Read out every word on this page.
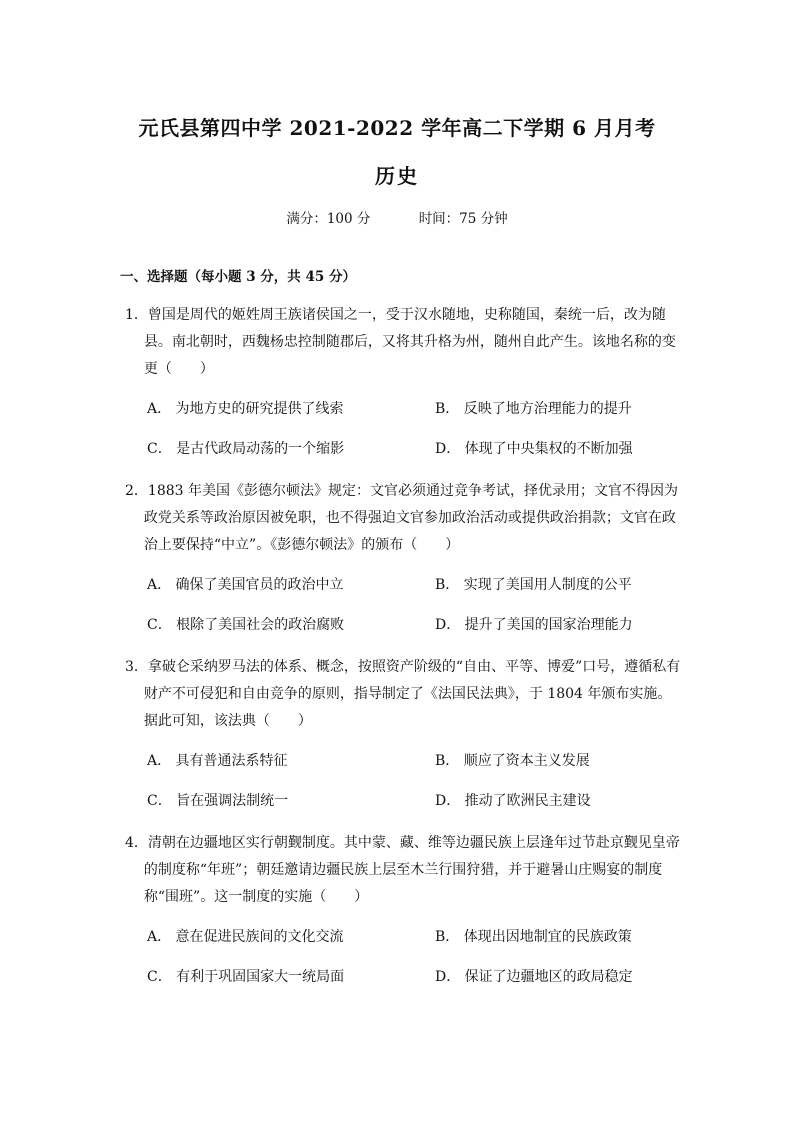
元氏县第四中学 2021-2022 学年高二下学期 6 月月考
历史
满分：100 分	时间：75 分钟
一、选择题（每小题 3 分，共 45 分）

1．曾国是周代的姬姓周王族诸侯国之一，受于汉水随地，史称随国，秦统一后，改为随县。南北朝时，西魏杨忠控制随郡后，又将其升格为州，随州自此产生。该地名称的变更（　　）

A． 为地方史的研究提供了线索	B． 反映了地方治理能力的提升
C． 是古代政局动荡的一个缩影	D． 体现了中央集权的不断加强

2．1883 年美国《彭德尔顿法》规定：文官必须通过竞争考试，择优录用；文官不得因为政党关系等政治原因被免职，也不得强迫文官参加政治活动或提供政治捐款；文官在政治上要保持“中立”。《彭德尔顿法》的颁布（　　）

A． 确保了美国官员的政治中立	B． 实现了美国用人制度的公平
C． 根除了美国社会的政治腐败	D． 提升了美国的国家治理能力

3．拿破仑采纳罗马法的体系、概念，按照资产阶级的“自由、平等、博爱”口号，遵循私有财产不可侵犯和自由竞争的原则，指导制定了《法国民法典》，于 1804 年颁布实施。据此可知，该法典（　　）

A． 具有普通法系特征	B． 顺应了资本主义发展
C． 旨在强调法制统一	D． 推动了欧洲民主建设

4．清朝在边疆地区实行朝觐制度。其中蒙、藏、维等边疆民族上层逢年过节赴京觐见皇帝的制度称“年班”；朝廷邀请边疆民族上层至木兰行围狩猎，并于避暑山庄赐宴的制度称“围班”。这一制度的实施（　　）

A． 意在促进民族间的文化交流	B． 体现出因地制宜的民族政策
C． 有利于巩固国家大一统局面	D． 保证了边疆地区的政局稳定
